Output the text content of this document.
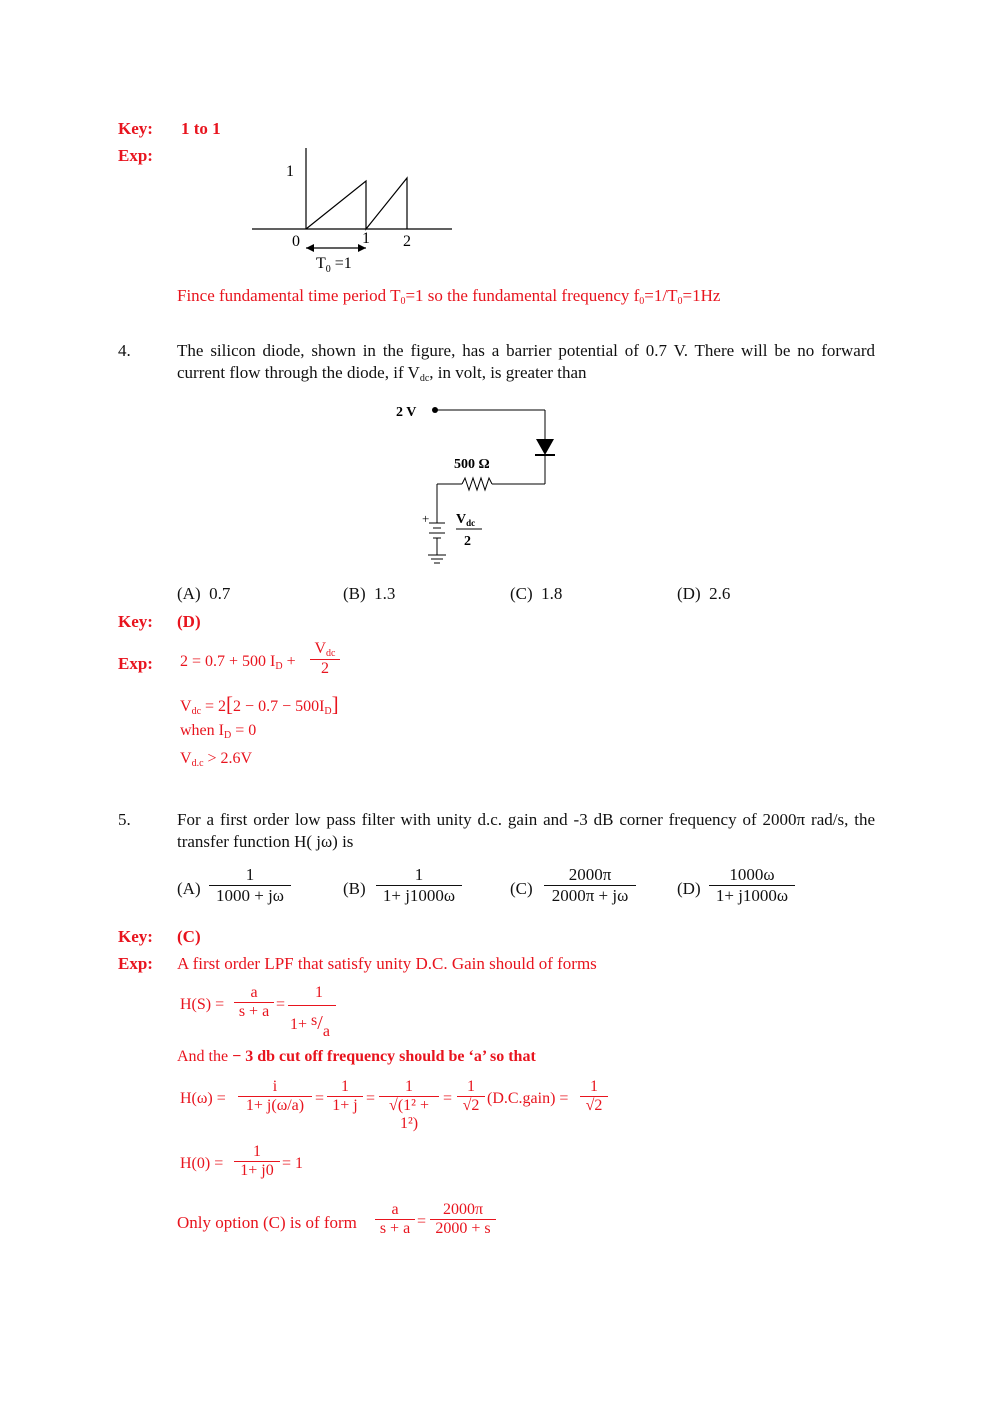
Key: 1 to 1
Exp:
1
0	1 2
$T_0 =1$
Fince fundamental time period $T_0=1$ so the fundamental frequency $f_0=1/T_0=1Hz$
4.	The silicon diode, shown in the figure, has a barrier potential of 0.7 V. There will be no forward current flow through the diode, if $V_{dc}$, in volt, is greater than
2 V
500 Ω
+ $V_{dc}$
2
(A) 0.7	(B) 1.3	(C) 1.8	(D) 2.6
Key: (D)
Exp: 2 = 0.7 + 500 $I_D$ +
$V_{dc}$
2
$V_{dc} = 2[2 - 0.7 - 500I_D]$
when $I_D = 0$
$V_{d.c} > 2.6V$
5.	For a first order low pass filter with unity d.c. gain and -3 dB corner frequency of 2000π rad/s, the transfer function H( jω) is
$(A) \frac{1}{1000 + j\omega}$	$(B) \frac{1}{1+ j1000\omega}$	$(C) \frac{2000\pi}{2000\pi + j\omega} (D) \frac{1000\omega}{1+ j1000\omega}$
Key: (C)
Exp: A first order LPF that satisfy unity D.C. Gain should of forms
$H(S) = \frac{a}{s + a}$ =
1
1+ s/a
And the − 3 db cut off frequency should be ‘a’ so that
$H(\omega) = \frac{i}{1+ j(\omega/a)} = \frac{1}{1+ j} = \frac{1}{\text{√(1² + 1²)}} = \frac{1}{√2}$ (D.C.gain) = $\frac{1}{√2}$
$H(0) = \frac{1}{1+ j0} = 1$
Only option (C) is of form $\frac{a}{s + a} = \frac{2000\pi}{2000 + s}$
